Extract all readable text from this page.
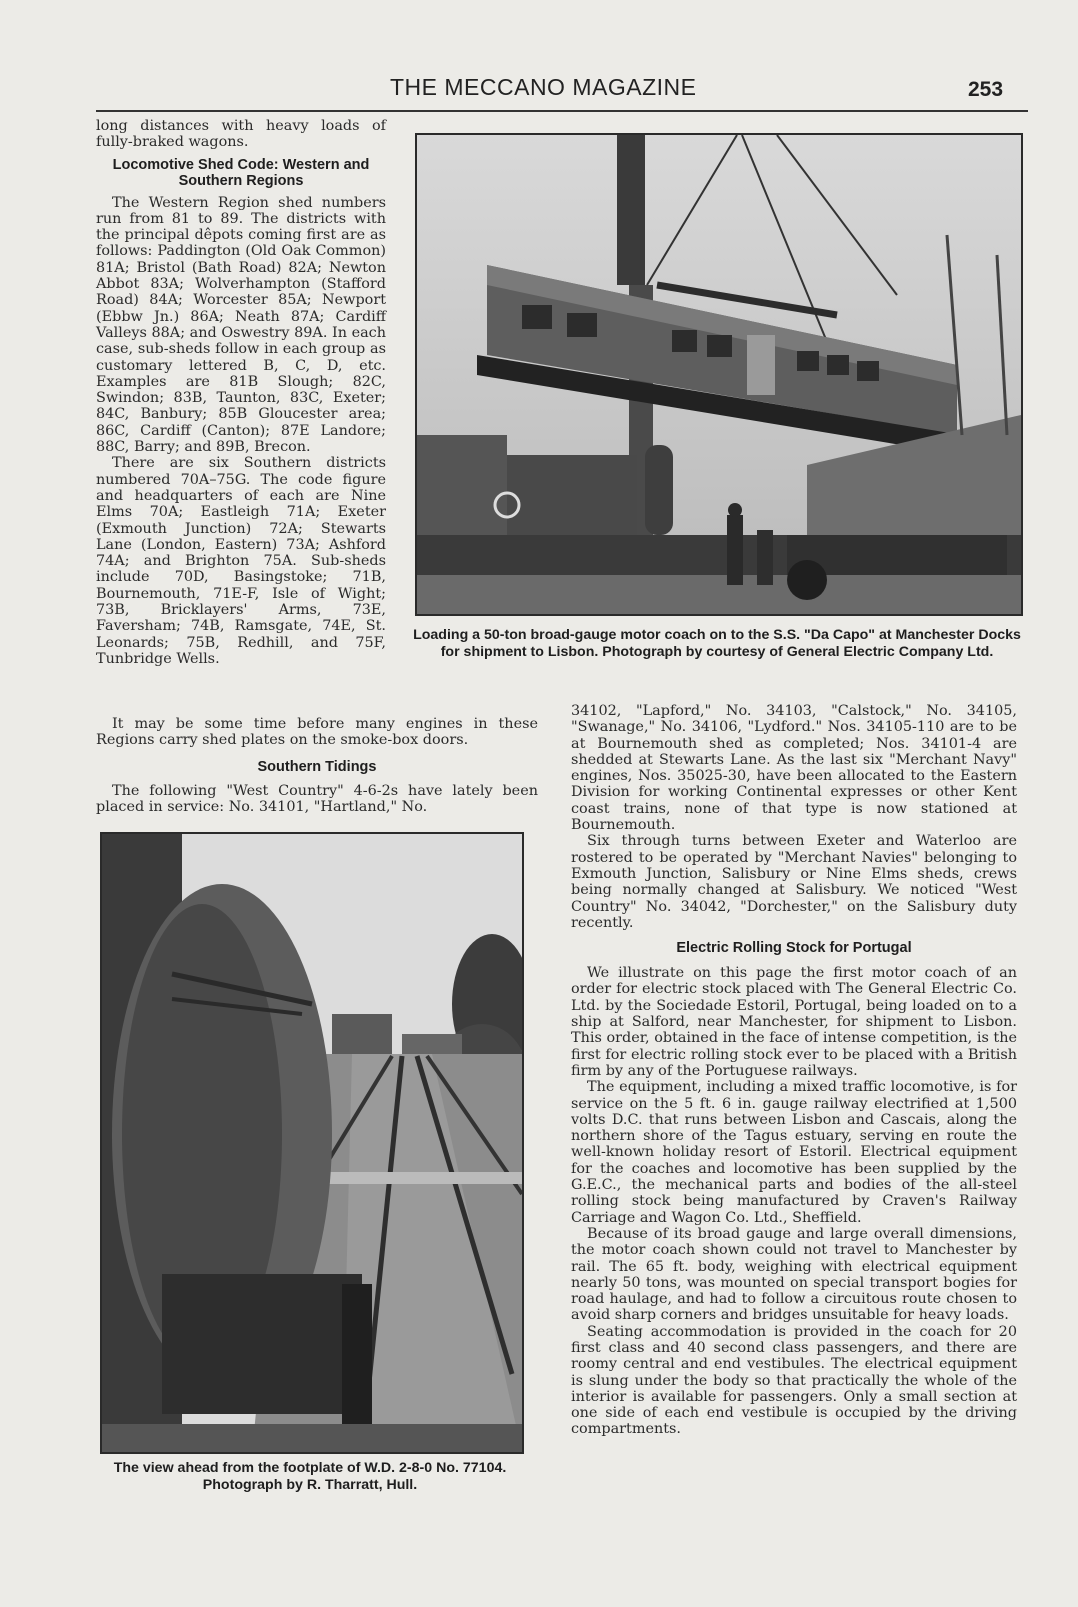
THE MECCANO MAGAZINE	253

long distances with heavy loads of fully-braked wagons.

Locomotive Shed Code: Western and Southern Regions

The Western Region shed numbers run from 81 to 89. The districts with the principal dêpots coming first are as follows: Paddington (Old Oak Common) 81A; Bristol (Bath Road) 82A; Newton Abbot 83A; Wolverhampton (Stafford Road) 84A; Worcester 85A; Newport (Ebbw Jn.) 86A; Neath 87A; Cardiff Valleys 88A; and Oswestry 89A. In each case, sub-sheds follow in each group as customary lettered B, C, D, etc. Examples are 81B Slough; 82C, Swindon; 83B, Taunton, 83C, Exeter; 84C, Banbury; 85B Gloucester area; 86C, Cardiff (Canton); 87E Landore; 88C, Barry; and 89B, Brecon.

There are six Southern districts numbered 70A–75G. The code figure and headquarters of each are Nine Elms 70A; Eastleigh 71A; Exeter (Exmouth Junction) 72A; Stewarts Lane (London, Eastern) 73A; Ashford 74A; and Brighton 75A. Sub-sheds include 70D, Basingstoke; 71B, Bournemouth, 71E-F, Isle of Wight; 73B, Bricklayers' Arms, 73E, Faversham; 74B, Ramsgate, 74E, St. Leonards; 75B, Redhill, and 75F, Tunbridge Wells.

It may be some time before many engines in these Regions carry shed plates on the smoke-box doors.

Southern Tidings

The following "West Country" 4-6-2s have lately been placed in service: No. 34101, "Hartland," No.

Loading a 50-ton broad-gauge motor coach on to the S.S. "Da Capo" at Manchester Docks for shipment to Lisbon. Photograph by courtesy of General Electric Company Ltd.
The view ahead from the footplate of W.D. 2-8-0 No. 77104. Photograph by R. Tharratt, Hull.

34102, "Lapford," No. 34103, "Calstock," No. 34105, "Swanage," No. 34106, "Lydford." Nos. 34105-110 are to be at Bournemouth shed as completed; Nos. 34101-4 are shedded at Stewarts Lane. As the last six "Merchant Navy" engines, Nos. 35025-30, have been allocated to the Eastern Division for working Continental expresses or other Kent coast trains, none of that type is now stationed at Bournemouth.

Six through turns between Exeter and Waterloo are rostered to be operated by "Merchant Navies" belonging to Exmouth Junction, Salisbury or Nine Elms sheds, crews being normally changed at Salisbury. We noticed "West Country" No. 34042, "Dorchester," on the Salisbury duty recently.

Electric Rolling Stock for Portugal

We illustrate on this page the first motor coach of an order for electric stock placed with The General Electric Co. Ltd. by the Sociedade Estoril, Portugal, being loaded on to a ship at Salford, near Manchester, for shipment to Lisbon. This order, obtained in the face of intense competition, is the first for electric rolling stock ever to be placed with a British firm by any of the Portuguese railways.

The equipment, including a mixed traffic locomotive, is for service on the 5 ft. 6 in. gauge railway electrified at 1,500 volts D.C. that runs between Lisbon and Cascais, along the northern shore of the Tagus estuary, serving en route the well-known holiday resort of Estoril. Electrical equipment for the coaches and locomotive has been supplied by the G.E.C., the mechanical parts and bodies of the all-steel rolling stock being manufactured by Craven's Railway Carriage and Wagon Co. Ltd., Sheffield.

Because of its broad gauge and large overall dimensions, the motor coach shown could not travel to Manchester by rail. The 65 ft. body, weighing with electrical equipment nearly 50 tons, was mounted on special transport bogies for road haulage, and had to follow a circuitous route chosen to avoid sharp corners and bridges unsuitable for heavy loads.

Seating accommodation is provided in the coach for 20 first class and 40 second class passengers, and there are roomy central and end vestibules. The electrical equipment is slung under the body so that practically the whole of the interior is available for passengers. Only a small section at one side of each end vestibule is occupied by the driving compartments.
